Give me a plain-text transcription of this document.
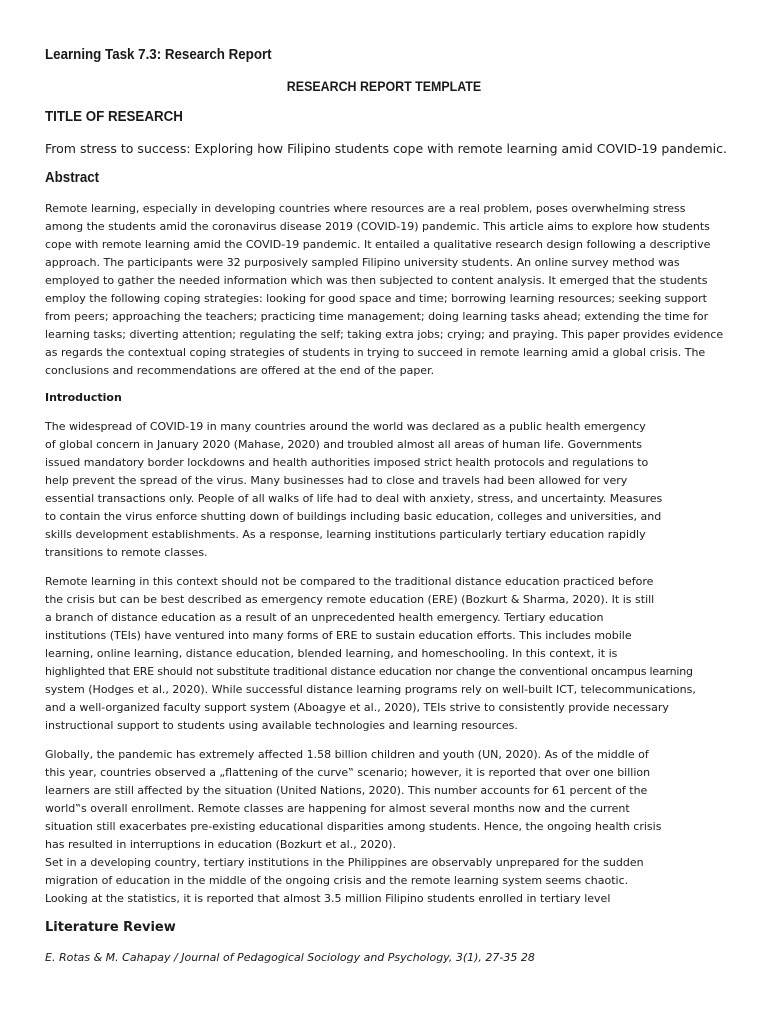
Learning Task 7.3: Research Report
RESEARCH REPORT TEMPLATE
TITLE OF RESEARCH
From stress to success: Exploring how Filipino students cope with remote learning amid COVID-19 pandemic.
Abstract
Remote learning, especially in developing countries where resources are a real problem, poses overwhelming stress
among the students amid the coronavirus disease 2019 (COVID-19) pandemic. This article aims to explore how students
cope with remote learning amid the COVID-19 pandemic. It entailed a qualitative research design following a descriptive
approach. The participants were 32 purposively sampled Filipino university students. An online survey method was
employed to gather the needed information which was then subjected to content analysis. It emerged that the students
employ the following coping strategies: looking for good space and time; borrowing learning resources; seeking support
from peers; approaching the teachers; practicing time management; doing learning tasks ahead; extending the time for
learning tasks; diverting attention; regulating the self; taking extra jobs; crying; and praying. This paper provides evidence
as regards the contextual coping strategies of students in trying to succeed in remote learning amid a global crisis. The
conclusions and recommendations are offered at the end of the paper.
Introduction
The widespread of COVID-19 in many countries around the world was declared as a public health emergency
of global concern in January 2020 (Mahase, 2020) and troubled almost all areas of human life. Governments
issued mandatory border lockdowns and health authorities imposed strict health protocols and regulations to
help prevent the spread of the virus. Many businesses had to close and travels had been allowed for very
essential transactions only. People of all walks of life had to deal with anxiety, stress, and uncertainty. Measures
to contain the virus enforce shutting down of buildings including basic education, colleges and universities, and
skills development establishments. As a response, learning institutions particularly tertiary education rapidly
transitions to remote classes.
Remote learning in this context should not be compared to the traditional distance education practiced before
the crisis but can be best described as emergency remote education (ERE) (Bozkurt & Sharma, 2020). It is still
a branch of distance education as a result of an unprecedented health emergency. Tertiary education
institutions (TEIs) have ventured into many forms of ERE to sustain education efforts. This includes mobile
learning, online learning, distance education, blended learning, and homeschooling. In this context, it is
highlighted that ERE should not substitute traditional distance education nor change the conventional oncampus learning
system (Hodges et al., 2020). While successful distance learning programs rely on well-built ICT, telecommunications,
and a well-organized faculty support system (Aboagye et al., 2020), TEIs strive to consistently provide necessary
instructional support to students using available technologies and learning resources.
Globally, the pandemic has extremely affected 1.58 billion children and youth (UN, 2020). As of the middle of
this year, countries observed a „flattening of the curve‟ scenario; however, it is reported that over one billion
learners are still affected by the situation (United Nations, 2020). This number accounts for 61 percent of the
world‟s overall enrollment. Remote classes are happening for almost several months now and the current
situation still exacerbates pre-existing educational disparities among students. Hence, the ongoing health crisis
has resulted in interruptions in education (Bozkurt et al., 2020).
Set in a developing country, tertiary institutions in the Philippines are observably unprepared for the sudden
migration of education in the middle of the ongoing crisis and the remote learning system seems chaotic.
Looking at the statistics, it is reported that almost 3.5 million Filipino students enrolled in tertiary level
Literature Review
E. Rotas & M. Cahapay / Journal of Pedagogical Sociology and Psychology, 3(1), 27-35 28
